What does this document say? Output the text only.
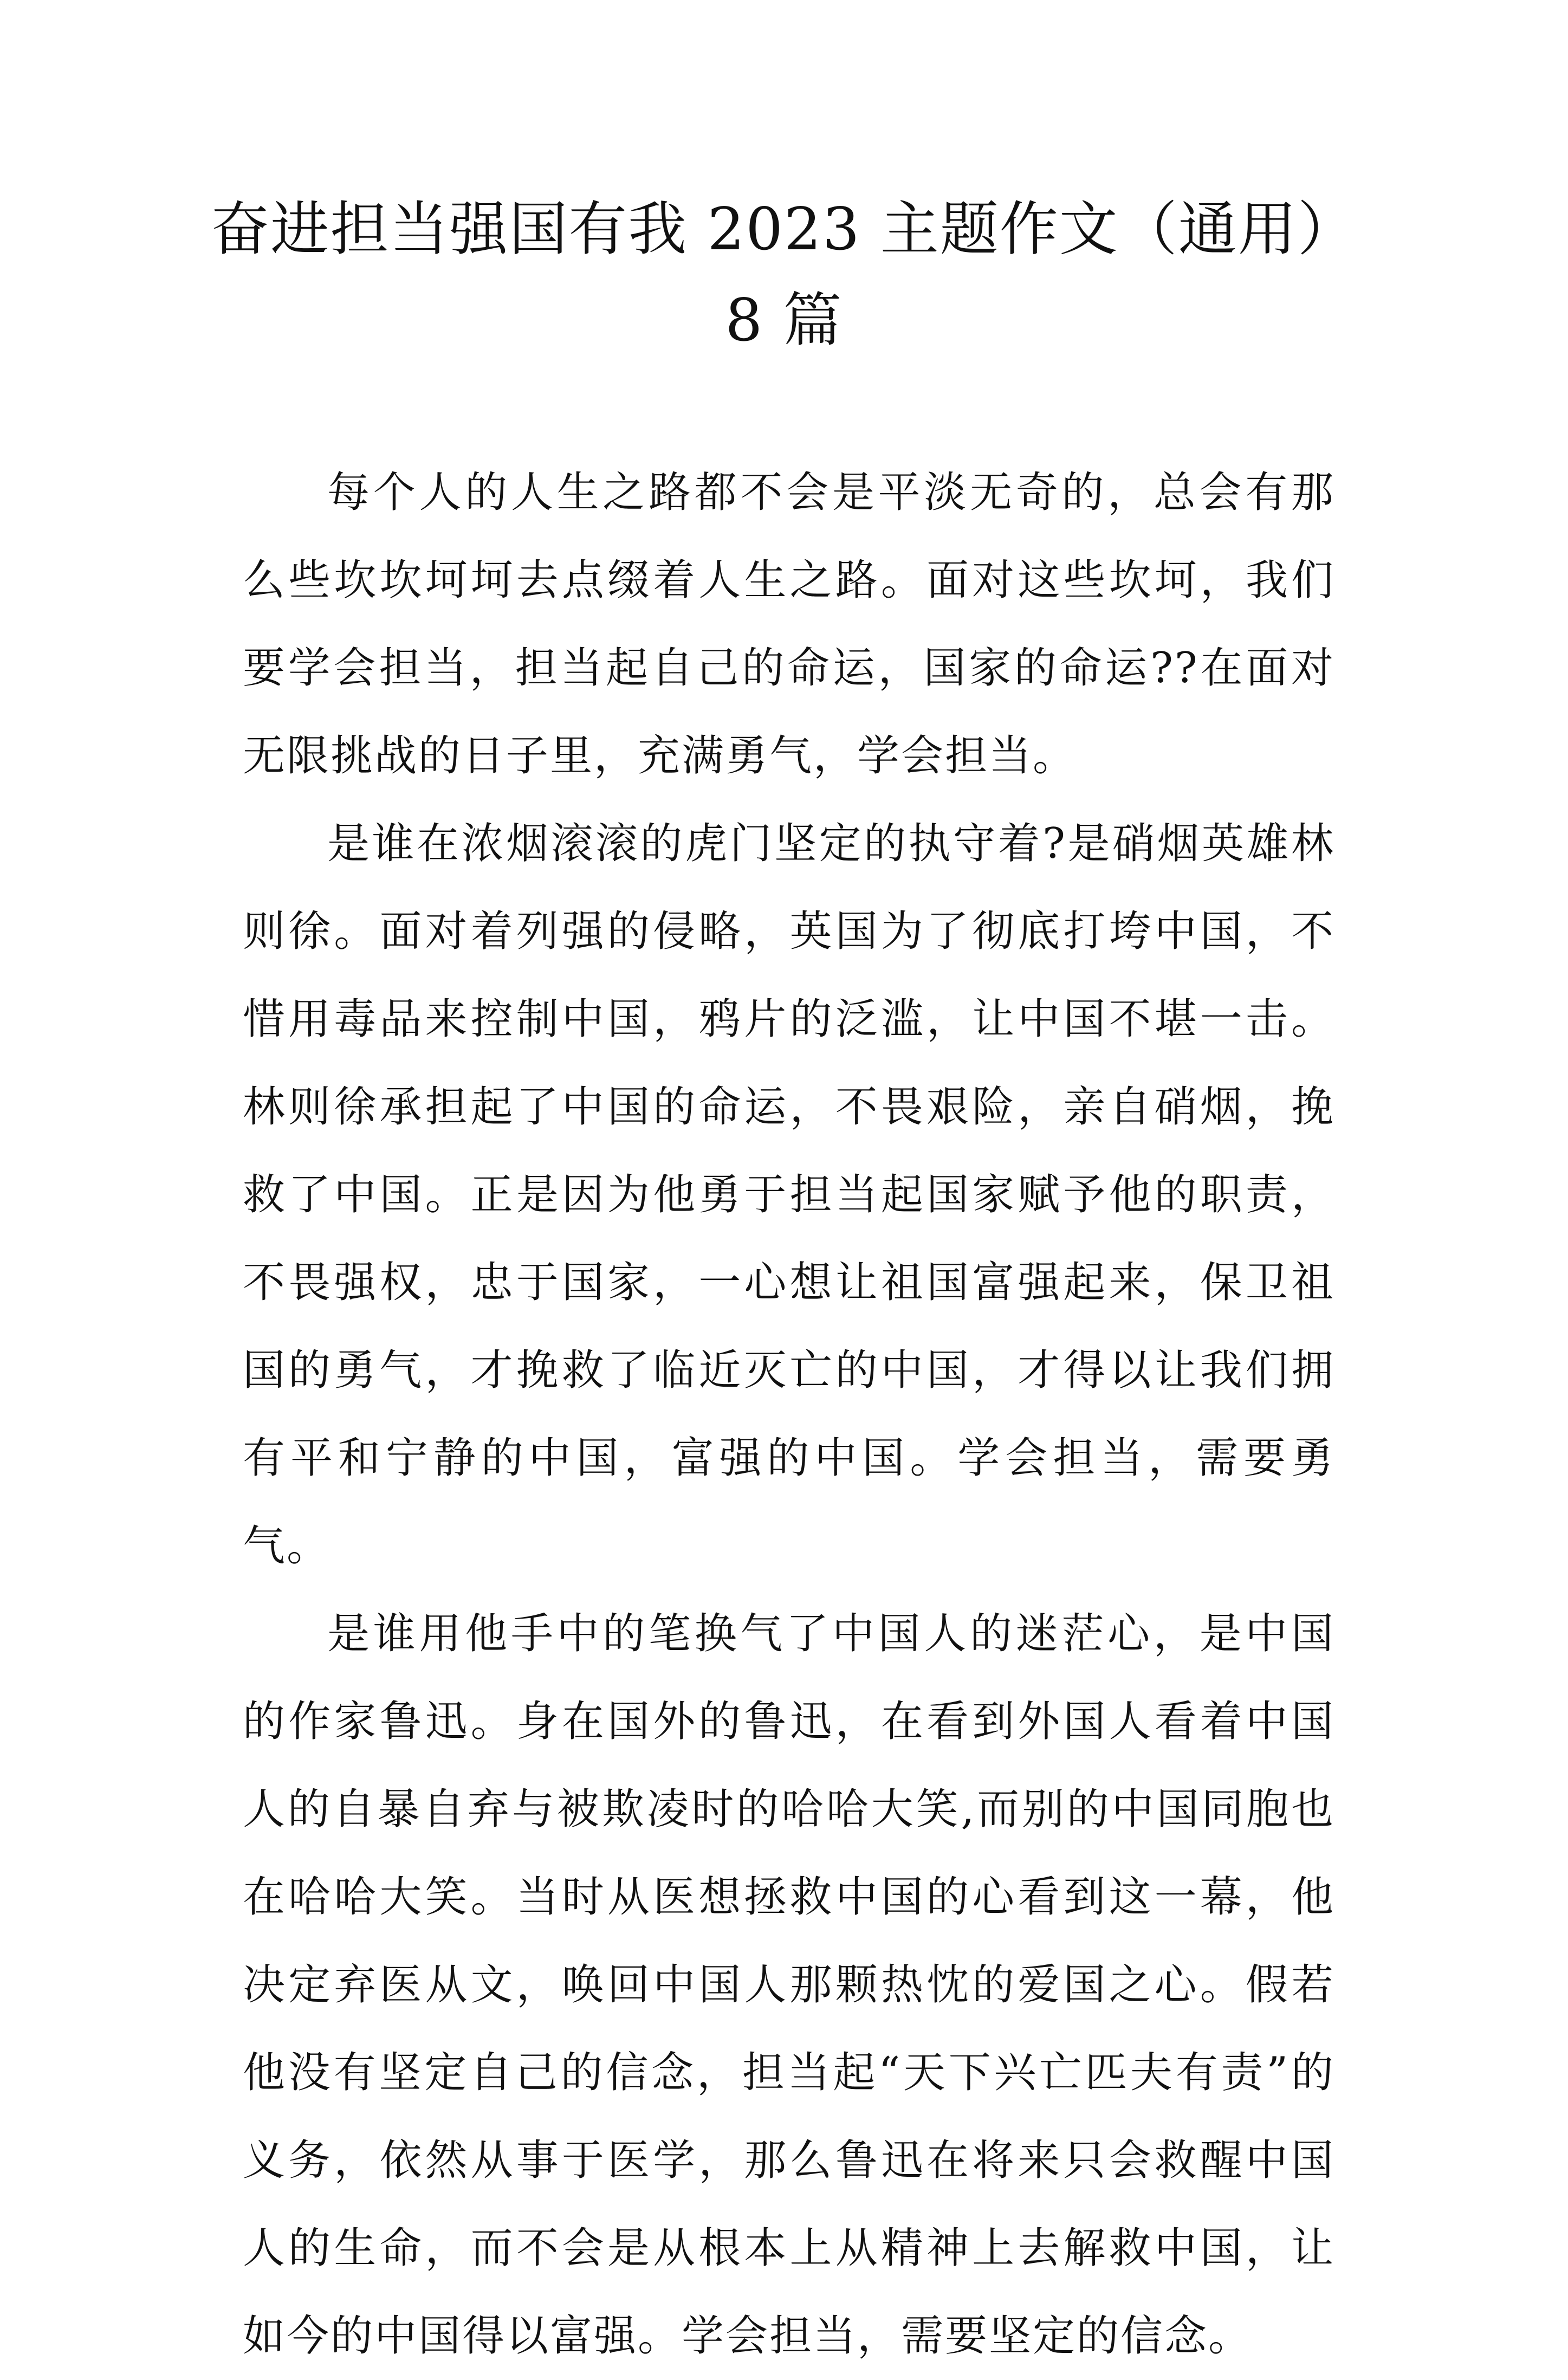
奋进担当强国有我 2023 主题作文（通用）8 篇

每个人的人生之路都不会是平淡无奇的，总会有那么些坎坎坷坷去点缀着人生之路。面对这些坎坷，我们要学会担当，担当起自己的命运，国家的命运??在面对无限挑战的日子里，充满勇气，学会担当。

是谁在浓烟滚滚的虎门坚定的执守着?是硝烟英雄林则徐。面对着列强的侵略，英国为了彻底打垮中国，不惜用毒品来控制中国，鸦片的泛滥，让中国不堪一击。林则徐承担起了中国的命运，不畏艰险，亲自硝烟，挽救了中国。正是因为他勇于担当起国家赋予他的职责，不畏强权，忠于国家，一心想让祖国富强起来，保卫祖国的勇气，才挽救了临近灭亡的中国，才得以让我们拥有平和宁静的中国，富强的中国。学会担当，需要勇气。

是谁用他手中的笔换气了中国人的迷茫心，是中国的作家鲁迅。身在国外的鲁迅，在看到外国人看着中国人的自暴自弃与被欺凌时的哈哈大笑,而别的中国同胞也在哈哈大笑。当时从医想拯救中国的心看到这一幕，他决定弃医从文，唤回中国人那颗热忱的爱国之心。假若他没有坚定自己的信念，担当起“天下兴亡匹夫有责”的义务，依然从事于医学，那么鲁迅在将来只会救醒中国人的生命，而不会是从根本上从精神上去解救中国，让如今的中国得以富强。学会担当，需要坚定的信念。
